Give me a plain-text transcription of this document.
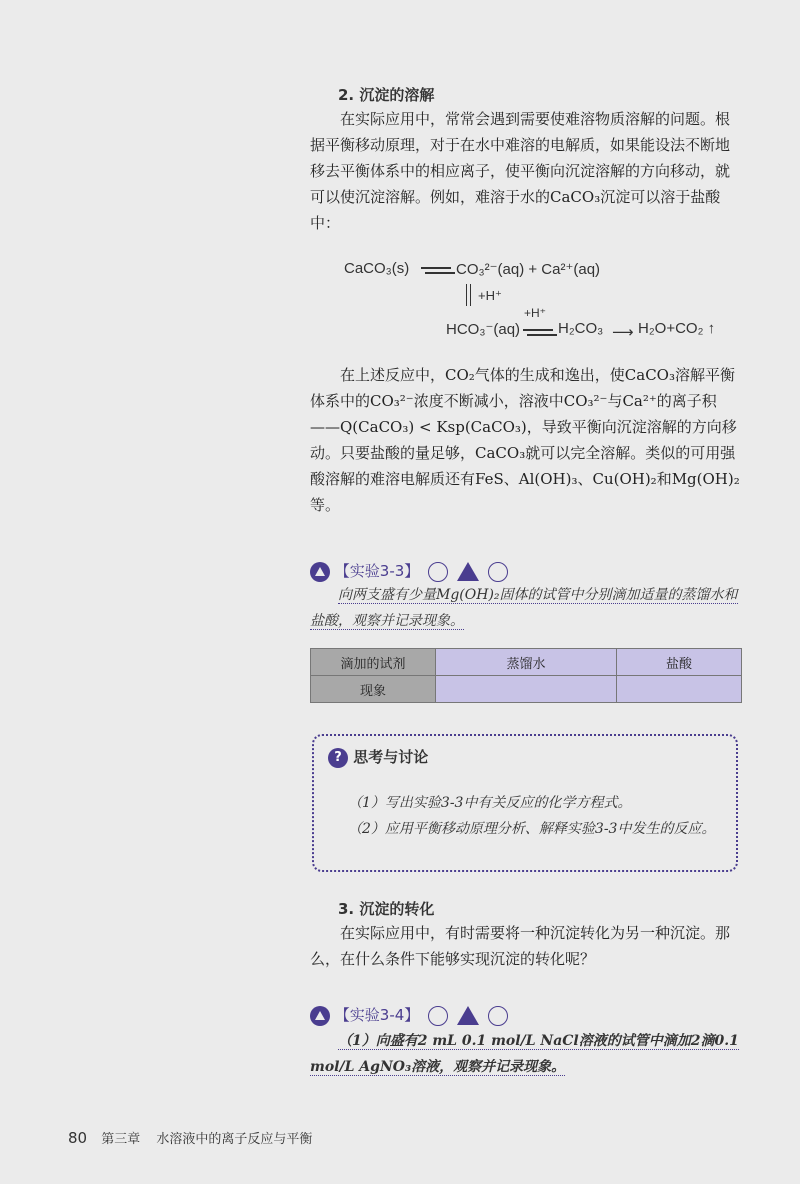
2. 沉淀的溶解

在实际应用中，常常会遇到需要使难溶物质溶解的问题。根据平衡移动原理，对于在水中难溶的电解质，如果能设法不断地移去平衡体系中的相应离子，使平衡向沉淀溶解的方向移动，就可以使沉淀溶解。例如，难溶于水的CaCO₃沉淀可以溶于盐酸中：

CaCO₃(s)	CO₃²⁻(aq) + Ca²⁺(aq)
+H⁺
HCO₃⁻(aq)
+H⁺
H₂CO₃ ⟶ H₂O+CO₂ ↑

在上述反应中，CO₂气体的生成和逸出，使CaCO₃溶解平衡体系中的CO₃²⁻浓度不断减小，溶液中CO₃²⁻与Ca²⁺的离子积——Q(CaCO₃) < Ksp(CaCO₃)，导致平衡向沉淀溶解的方向移动。只要盐酸的量足够，CaCO₃就可以完全溶解。类似的可用强酸溶解的难溶电解质还有FeS、Al(OH)₃、Cu(OH)₂和Mg(OH)₂等。

【实验3-3】

向两支盛有少量Mg(OH)₂固体的试管中分别滴加适量的蒸馏水和盐酸，观察并记录现象。

滴加的试剂	蒸馏水	盐酸
现象		
? 思考与讨论

（1）写出实验3-3中有关反应的化学方程式。

（2）应用平衡移动原理分析、解释实验3-3中发生的反应。

3. 沉淀的转化

在实际应用中，有时需要将一种沉淀转化为另一种沉淀。那么，在什么条件下能够实现沉淀的转化呢？

【实验3-4】

（1）向盛有2 mL 0.1 mol/L NaCl溶液的试管中滴加2滴0.1 mol/L AgNO₃溶液，观察并记录现象。

80 第三章 水溶液中的离子反应与平衡
